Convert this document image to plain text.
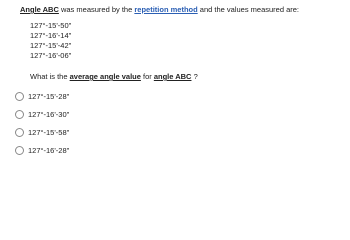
Angle ABC was measured by the repetition method and the values measured are:
127°-15'-50"
127°-16'-14"
127°-15'-42"
127°-16'-06"
What is the average angle value for angle ABC ?
127°-15'-28"
127°-16'-30"
127°-15'-58"
127°-16'-28"
